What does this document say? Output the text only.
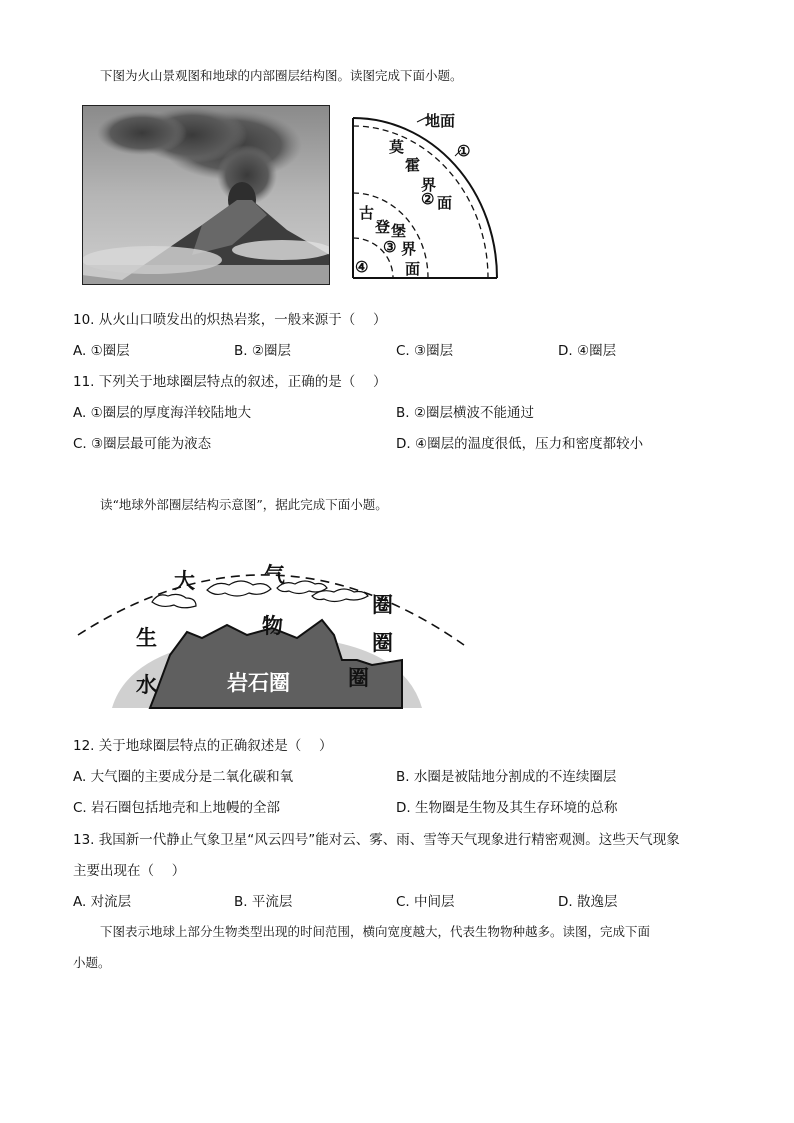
下图为火山景观图和地球的内部圈层结构图。读图完成下面小题。
地面
莫
霍
界
面
①
②
古
登 堡
③ 界
面
④
10. 从火山口喷发出的炽热岩浆，一般来源于（　 ）
A. ①圈层	B. ②圈层	C. ③圈层	D. ④圈层
11. 下列关于地球圈层特点的叙述，正确的是（　 ）
A. ①圈层的厚度海洋较陆地大	B. ②圈层横波不能通过
C. ③圈层最可能为液态	D. ④圈层的温度很低，压力和密度都较小
读“地球外部圈层结构示意图”，据此完成下面小题。
大	气
圈
生	物
圈
水	圈
岩石圈
12. 关于地球圈层特点的正确叙述是（　 ）
A. 大气圈的主要成分是二氧化碳和氧	B. 水圈是被陆地分割成的不连续圈层
C. 岩石圈包括地壳和上地幔的全部	D. 生物圈是生物及其生存环境的总称
13. 我国新一代静止气象卫星“风云四号”能对云、雾、雨、雪等天气现象进行精密观测。这些天气现象
主要出现在（　 ）
A. 对流层	B. 平流层	C. 中间层	D. 散逸层
下图表示地球上部分生物类型出现的时间范围，横向宽度越大，代表生物物种越多。读图，完成下面
小题。
